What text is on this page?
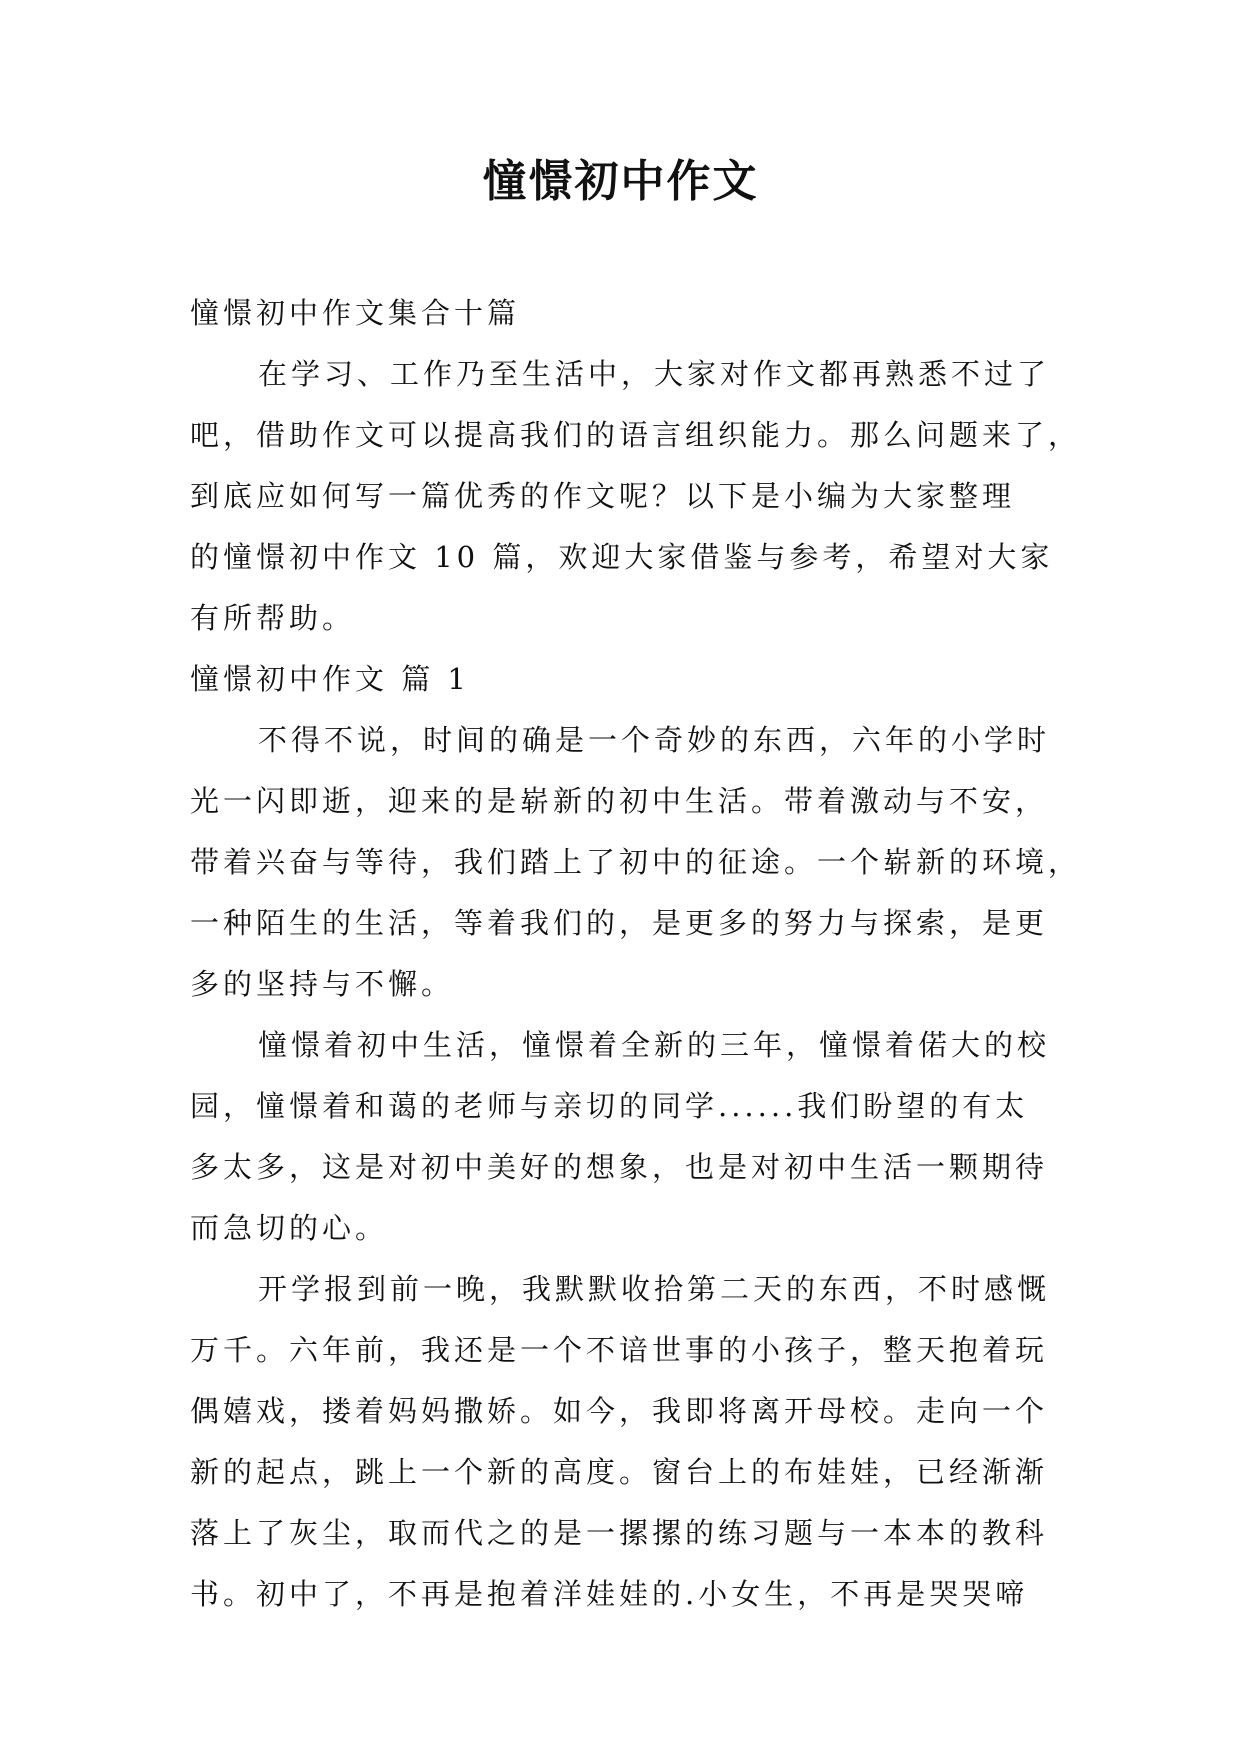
憧憬初中作文
憧憬初中作文集合十篇
在学习、工作乃至生活中，大家对作文都再熟悉不过了
吧，借助作文可以提高我们的语言组织能力。那么问题来了，
到底应如何写一篇优秀的作文呢？以下是小编为大家整理
的憧憬初中作文 10 篇，欢迎大家借鉴与参考，希望对大家
有所帮助。
憧憬初中作文 篇 1
不得不说，时间的确是一个奇妙的东西，六年的小学时
光一闪即逝，迎来的是崭新的初中生活。带着激动与不安，
带着兴奋与等待，我们踏上了初中的征途。一个崭新的环境，
一种陌生的生活，等着我们的，是更多的努力与探索，是更
多的坚持与不懈。
憧憬着初中生活，憧憬着全新的三年，憧憬着偌大的校
园，憧憬着和蔼的老师与亲切的同学......我们盼望的有太
多太多，这是对初中美好的想象，也是对初中生活一颗期待
而急切的心。
开学报到前一晚，我默默收拾第二天的东西，不时感慨
万千。六年前，我还是一个不谙世事的小孩子，整天抱着玩
偶嬉戏，搂着妈妈撒娇。如今，我即将离开母校。走向一个
新的起点，跳上一个新的高度。窗台上的布娃娃，已经渐渐
落上了灰尘，取而代之的是一摞摞的练习题与一本本的教科
书。初中了，不再是抱着洋娃娃的.小女生，不再是哭哭啼
